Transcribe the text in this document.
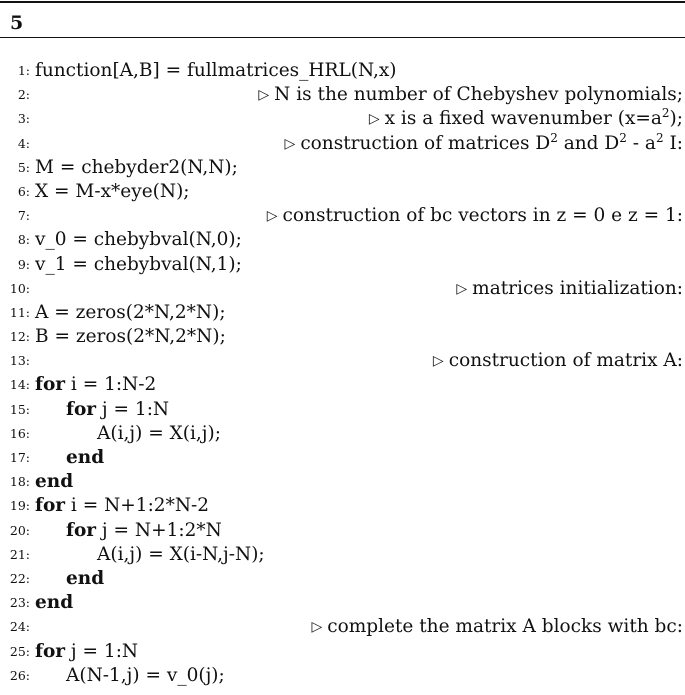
5
1: function[A,B] = fullmatrices_HRL(N,x)
2:	▷ N is the number of Chebyshev polynomials;
3:	▷ x is a fixed wavenumber $(x=a^2)$;
4:	▷ construction of matrices $D^2$ and $D^2 - a^2$ I:
5: M = chebyder2(N,N);
6: X = M-x*eye(N);
7:	▷ construction of bc vectors in z = 0 e z = 1:
8: v_0 = chebybval(N,0);
9: v_1 = chebybval(N,1);
10:	▷ matrices initialization:
11: A = zeros(2*N,2*N);
12: B = zeros(2*N,2*N);
13:	▷ construction of matrix A:
14: for i = 1:N-2
15: for j = 1:N
16:	A(i,j) = X(i,j);
17: end
18: end
19: for i = N+1:2*N-2
20: for j = N+1:2*N
21:	A(i,j) = X(i-N,j-N);
22: end
23: end
24:	▷ complete the matrix A blocks with bc:
25: for j = 1:N
26: A(N-1,j) = v_0(j);
